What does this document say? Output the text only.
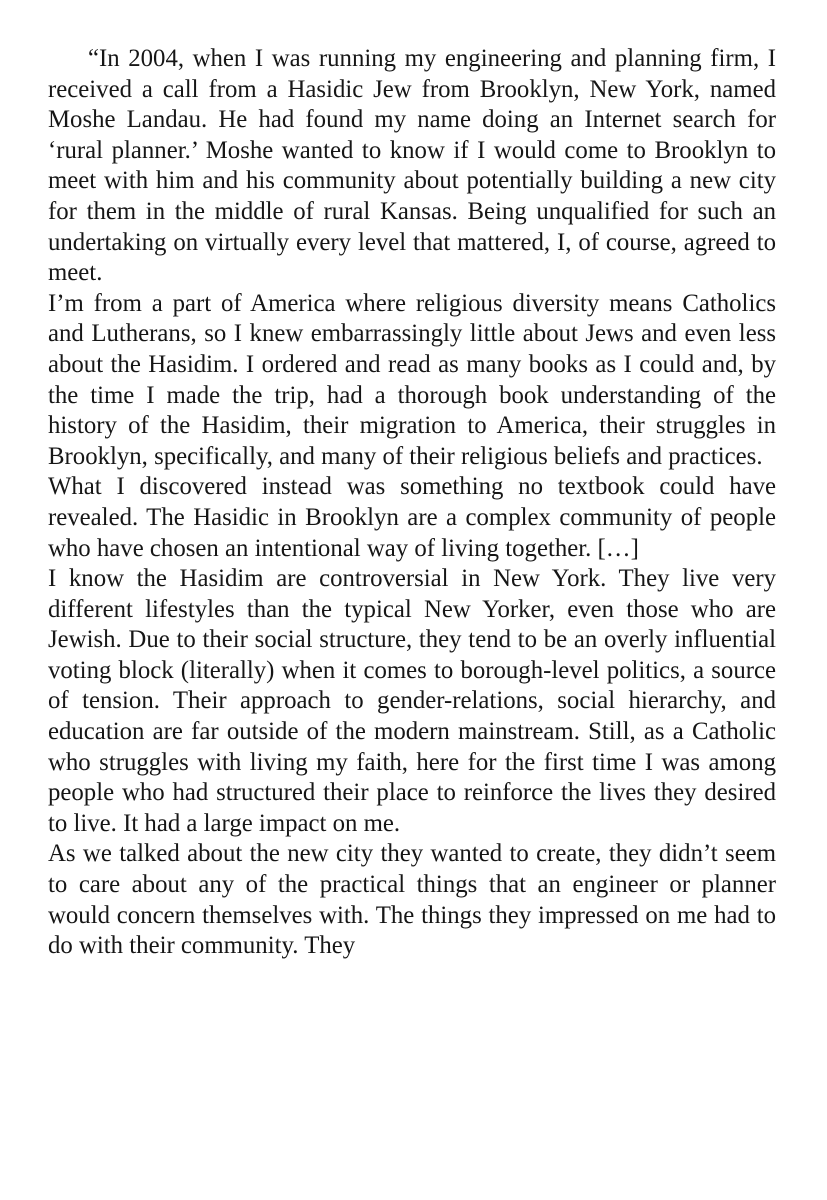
“In 2004, when I was running my engineering and planning firm, I received a call from a Hasidic Jew from Brooklyn, New York, named Moshe Landau. He had found my name doing an Internet search for ‘rural planner.’ Moshe wanted to know if I would come to Brooklyn to meet with him and his community about potentially building a new city for them in the middle of rural Kansas. Being unqualified for such an undertaking on virtually every level that mattered, I, of course, agreed to meet.

I’m from a part of America where religious diversity means Catholics and Lutherans, so I knew embarrassingly little about Jews and even less about the Hasidim. I ordered and read as many books as I could and, by the time I made the trip, had a thorough book understanding of the history of the Hasidim, their migration to America, their struggles in Brooklyn, specifically, and many of their religious beliefs and practices.

What I discovered instead was something no textbook could have revealed. The Hasidic in Brooklyn are a complex community of people who have chosen an intentional way of living together. […]

I know the Hasidim are controversial in New York. They live very different lifestyles than the typical New Yorker, even those who are Jewish. Due to their social structure, they tend to be an overly influential voting block (literally) when it comes to borough-level politics, a source of tension. Their approach to gender-relations, social hierarchy, and education are far outside of the modern mainstream. Still, as a Catholic who struggles with living my faith, here for the first time I was among people who had structured their place to reinforce the lives they desired to live. It had a large impact on me.

As we talked about the new city they wanted to create, they didn’t seem to care about any of the practical things that an engineer or planner would concern themselves with. The things they impressed on me had to do with their community. They
